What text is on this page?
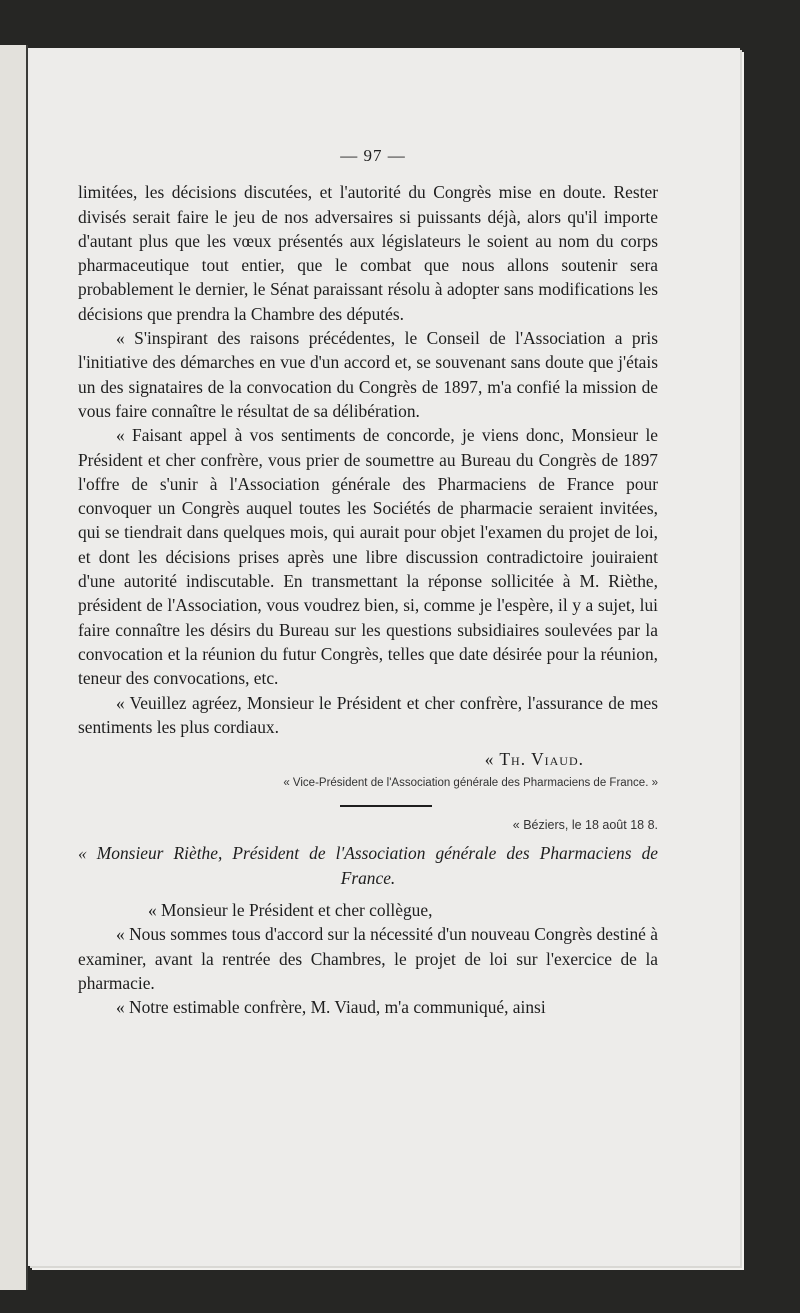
— 97 —

limitées, les décisions discutées, et l'autorité du Congrès mise en doute. Rester divisés serait faire le jeu de nos adversaires si puissants déjà, alors qu'il importe d'autant plus que les vœux présentés aux législateurs le soient au nom du corps pharmaceutique tout entier, que le combat que nous allons soutenir sera probablement le dernier, le Sénat paraissant résolu à adopter sans modifications les décisions que prendra la Chambre des députés.

« S'inspirant des raisons précédentes, le Conseil de l'Association a pris l'initiative des démarches en vue d'un accord et, se souvenant sans doute que j'étais un des signataires de la convocation du Congrès de 1897, m'a confié la mission de vous faire connaître le résultat de sa délibération.

« Faisant appel à vos sentiments de concorde, je viens donc, Monsieur le Président et cher confrère, vous prier de soumettre au Bureau du Congrès de 1897 l'offre de s'unir à l'Association générale des Pharmaciens de France pour convoquer un Congrès auquel toutes les Sociétés de pharmacie seraient invitées, qui se tiendrait dans quelques mois, qui aurait pour objet l'examen du projet de loi, et dont les décisions prises après une libre discussion contradictoire jouiraient d'une autorité indiscutable. En transmettant la réponse sollicitée à M. Rièthe, président de l'Association, vous voudrez bien, si, comme je l'espère, il y a sujet, lui faire connaître les désirs du Bureau sur les questions subsidiaires soulevées par la convocation et la réunion du futur Congrès, telles que date désirée pour la réunion, teneur des convocations, etc.

« Veuillez agréez, Monsieur le Président et cher confrère, l'assurance de mes sentiments les plus cordiaux.

« Th. Viaud.
« Vice-Président de l'Association générale des Pharmaciens de France. »
« Béziers, le 18 août 18 8.

« Monsieur Rièthe, Président de l'Association générale des Pharmaciens de France.

« Monsieur le Président et cher collègue,

« Nous sommes tous d'accord sur la nécessité d'un nouveau Congrès destiné à examiner, avant la rentrée des Chambres, le projet de loi sur l'exercice de la pharmacie.

« Notre estimable confrère, M. Viaud, m'a communiqué, ainsi
